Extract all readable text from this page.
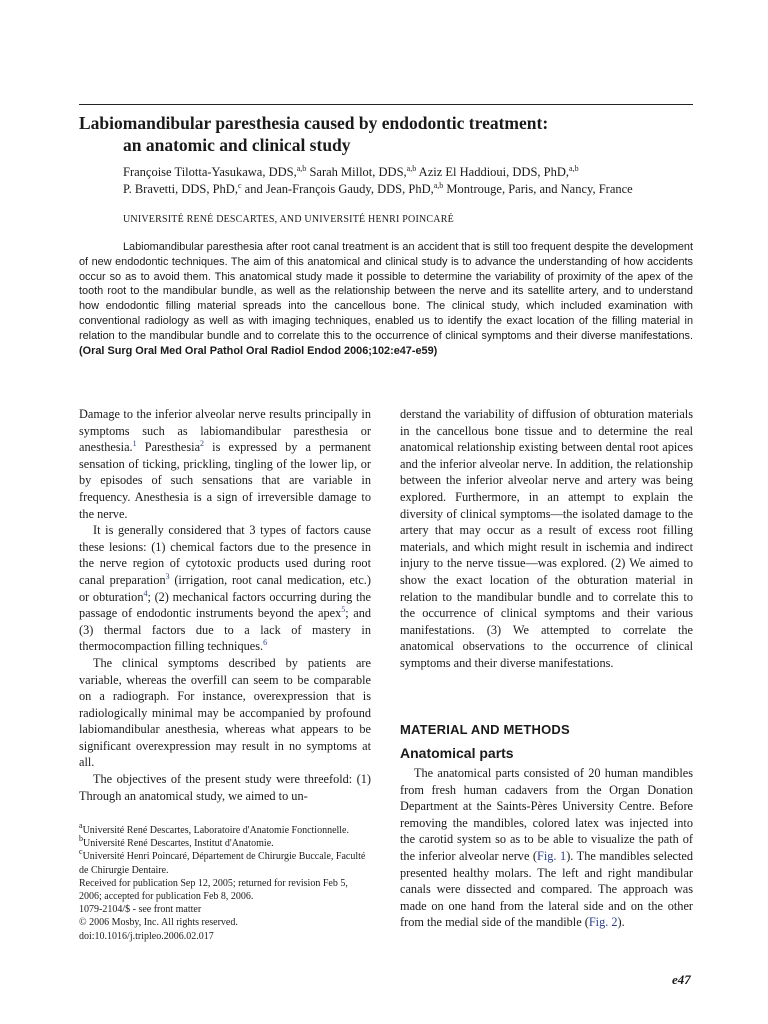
Labiomandibular paresthesia caused by endodontic treatment:
an anatomic and clinical study
Françoise Tilotta-Yasukawa, DDS,$^{a,b}$ Sarah Millot, DDS,$^{a,b}$ Aziz El Haddioui, DDS, PhD,$^{a,b}$
P. Bravetti, DDS, PhD,$^c$ and Jean-François Gaudy, DDS, PhD,$^{a,b}$ Montrouge, Paris, and Nancy, France
UNIVERSITÉ RENÉ DESCARTES, AND UNIVERSITÉ HENRI POINCARÉ

Labiomandibular paresthesia after root canal treatment is an accident that is still too frequent despite the development of new endodontic techniques. The aim of this anatomical and clinical study is to advance the understanding of how accidents occur so as to avoid them. This anatomical study made it possible to determine the variability of proximity of the apex of the tooth root to the mandibular bundle, as well as the relationship between the nerve and its satellite artery, and to understand how endodontic filling material spreads into the cancellous bone. The clinical study, which included examination with conventional radiology as well as with imaging techniques, enabled us to identify the exact location of the filling material in relation to the mandibular bundle and to correlate this to the occurrence of clinical symptoms and their diverse manifestations. (Oral Surg Oral Med Oral Pathol Oral Radiol Endod 2006;102:e47-e59)

Damage to the inferior alveolar nerve results principally in symptoms such as labiomandibular paresthesia or anesthesia.$^1$ Paresthesia$^2$ is expressed by a permanent sensation of ticking, prickling, tingling of the lower lip, or by episodes of such sensations that are variable in frequency. Anesthesia is a sign of irreversible damage to the nerve.

It is generally considered that 3 types of factors cause these lesions: (1) chemical factors due to the presence in the nerve region of cytotoxic products used during root canal preparation$^3$ (irrigation, root canal medication, etc.) or obturation$^4$; (2) mechanical factors occurring during the passage of endodontic instruments beyond the apex$^5$; and (3) thermal factors due to a lack of mastery in thermocompaction filling techniques.$^6$

The clinical symptoms described by patients are variable, whereas the overfill can seem to be comparable on a radiograph. For instance, overexpression that is radiologically minimal may be accompanied by profound labiomandibular anesthesia, whereas what appears to be significant overexpression may result in no symptoms at all.

The objectives of the present study were threefold: (1) Through an anatomical study, we aimed to un-

$^a$Université René Descartes, Laboratoire d'Anatomie Fonctionnelle.
$^b$Université René Descartes, Institut d'Anatomie.
$^c$Université Henri Poincaré, Département de Chirurgie Buccale, Faculté de Chirurgie Dentaire.
Received for publication Sep 12, 2005; returned for revision Feb 5, 2006; accepted for publication Feb 8, 2006.
1079-2104/$ - see front matter
© 2006 Mosby, Inc. All rights reserved.
doi:10.1016/j.tripleo.2006.02.017

derstand the variability of diffusion of obturation materials in the cancellous bone tissue and to determine the real anatomical relationship existing between dental root apices and the inferior alveolar nerve. In addition, the relationship between the inferior alveolar nerve and artery was being explored. Furthermore, in an attempt to explain the diversity of clinical symptoms—the isolated damage to the artery that may occur as a result of excess root filling materials, and which might result in ischemia and indirect injury to the nerve tissue—was explored. (2) We aimed to show the exact location of the obturation material in relation to the mandibular bundle and to correlate this to the occurrence of clinical symptoms and their various manifestations. (3) We attempted to correlate the anatomical observations to the occurrence of clinical symptoms and their diverse manifestations.

MATERIAL AND METHODS
Anatomical parts

The anatomical parts consisted of 20 human mandibles from fresh human cadavers from the Organ Donation Department at the Saints-Pères University Centre. Before removing the mandibles, colored latex was injected into the carotid system so as to be able to visualize the path of the inferior alveolar nerve (Fig. 1). The mandibles selected presented healthy molars. The left and right mandibular canals were dissected and compared. The approach was made on one hand from the lateral side and on the other from the medial side of the mandible (Fig. 2).

e47
